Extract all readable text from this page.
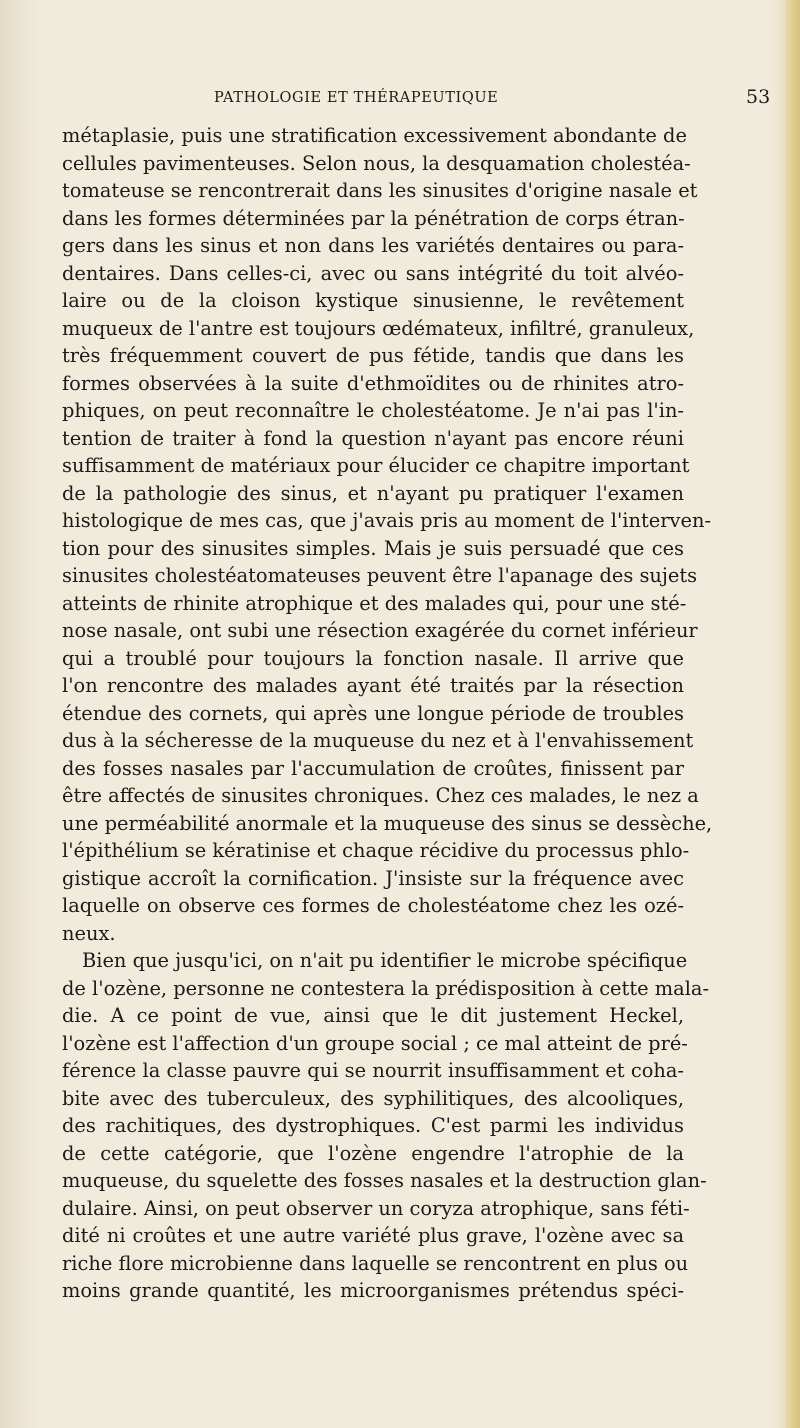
PATHOLOGIE ET THÉRAPEUTIQUE	53
métaplasie, puis une stratification excessivement abondante de
cellules pavimenteuses. Selon nous, la desquamation cholestéa-
tomateuse se rencontrerait dans les sinusites d'origine nasale et
dans les formes déterminées par la pénétration de corps étran-
gers dans les sinus et non dans les variétés dentaires ou para-
dentaires. Dans celles-ci, avec ou sans intégrité du toit alvéo-
laire ou de la cloison kystique sinusienne, le revêtement
muqueux de l'antre est toujours œdémateux, infiltré, granuleux,
très fréquemment couvert de pus fétide, tandis que dans les
formes observées à la suite d'ethmoïdites ou de rhinites atro-
phiques, on peut reconnaître le cholestéatome. Je n'ai pas l'in-
tention de traiter à fond la question n'ayant pas encore réuni
suffisamment de matériaux pour élucider ce chapitre important
de la pathologie des sinus, et n'ayant pu pratiquer l'examen
histologique de mes cas, que j'avais pris au moment de l'interven-
tion pour des sinusites simples. Mais je suis persuadé que ces
sinusites cholestéatomateuses peuvent être l'apanage des sujets
atteints de rhinite atrophique et des malades qui, pour une sté-
nose nasale, ont subi une résection exagérée du cornet inférieur
qui a troublé pour toujours la fonction nasale. Il arrive que
l'on rencontre des malades ayant été traités par la résection
étendue des cornets, qui après une longue période de troubles
dus à la sécheresse de la muqueuse du nez et à l'envahissement
des fosses nasales par l'accumulation de croûtes, finissent par
être affectés de sinusites chroniques. Chez ces malades, le nez a
une perméabilité anormale et la muqueuse des sinus se dessèche,
l'épithélium se kératinise et chaque récidive du processus phlo-
gistique accroît la cornification. J'insiste sur la fréquence avec
laquelle on observe ces formes de cholestéatome chez les ozé-
neux.
Bien que jusqu'ici, on n'ait pu identifier le microbe spécifique
de l'ozène, personne ne contestera la prédisposition à cette mala-
die. A ce point de vue, ainsi que le dit justement Heckel,
l'ozène est l'affection d'un groupe social ; ce mal atteint de pré-
férence la classe pauvre qui se nourrit insuffisamment et coha-
bite avec des tuberculeux, des syphilitiques, des alcooliques,
des rachitiques, des dystrophiques. C'est parmi les individus
de cette catégorie, que l'ozène engendre l'atrophie de la
muqueuse, du squelette des fosses nasales et la destruction glan-
dulaire. Ainsi, on peut observer un coryza atrophique, sans féti-
dité ni croûtes et une autre variété plus grave, l'ozène avec sa
riche flore microbienne dans laquelle se rencontrent en plus ou
moins grande quantité, les microorganismes prétendus spéci-
